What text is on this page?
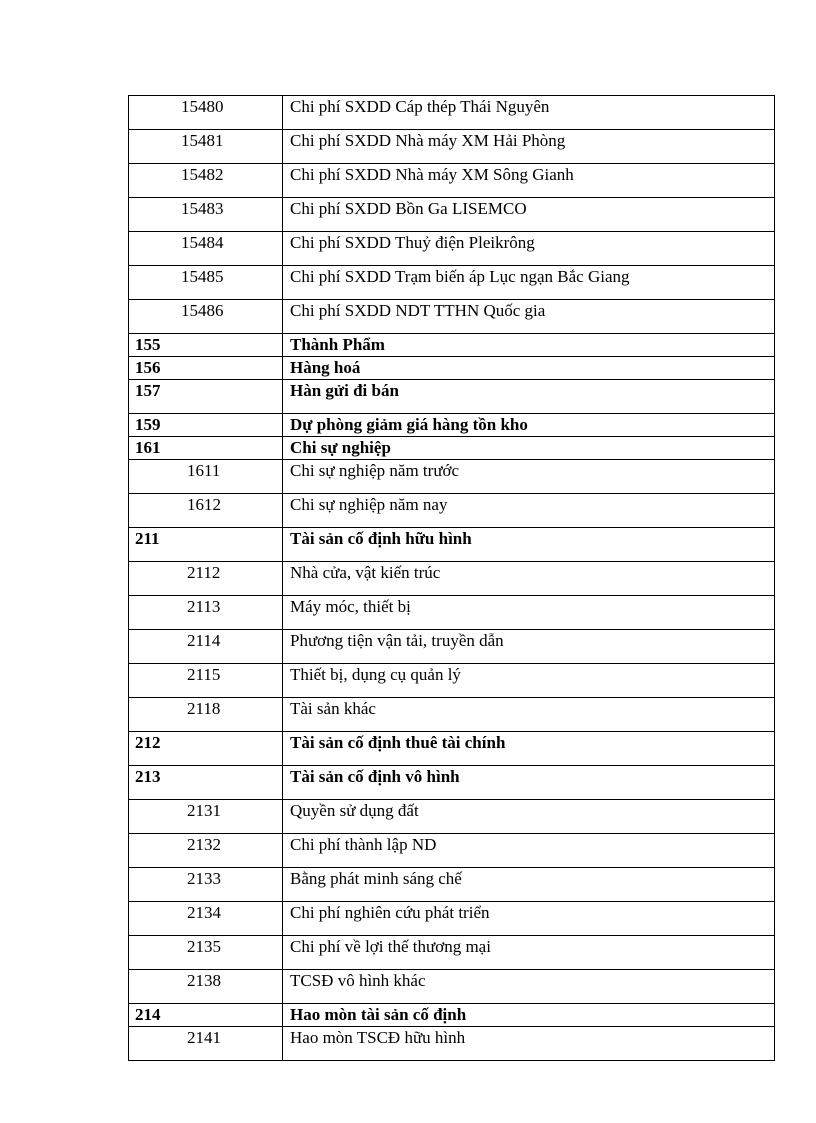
15480	Chi phí SXDD Cáp thép Thái Nguyên
15481	Chi phí SXDD Nhà máy XM Hải Phòng
15482	Chi phí SXDD Nhà máy XM Sông Gianh
15483	Chi phí SXDD Bồn Ga LISEMCO
15484	Chi phí SXDD Thuỷ điện Pleikrông
15485	Chi phí SXDD Trạm biến áp Lục ngạn Bắc Giang
15486	Chi phí SXDD NDT TTHN Quốc gia
155	Thành Phẩm
156	Hàng hoá
157	Hàn gửi đi bán
159	Dự phòng giảm giá hàng tồn kho
161	Chi sự nghiệp
1611	Chi sự nghiệp năm trước
1612	Chi sự nghiệp năm nay
211	Tài sản cố định hữu hình
2112	Nhà cửa, vật kiến trúc
2113	Máy móc, thiết bị
2114	Phương tiện vận tải, truyền dẫn
2115	Thiết bị, dụng cụ quản lý
2118	Tài sản khác
212	Tài sản cố định thuê tài chính
213	Tài sản cố định vô hình
2131	Quyền sử dụng đất
2132	Chi phí thành lập ND
2133	Bằng phát minh sáng chế
2134	Chi phí nghiên cứu phát triển
2135	Chi phí về lợi thế thương mại
2138	TCSĐ vô hình khác
214	Hao mòn tài sản cố định
2141	Hao mòn TSCĐ hữu hình
